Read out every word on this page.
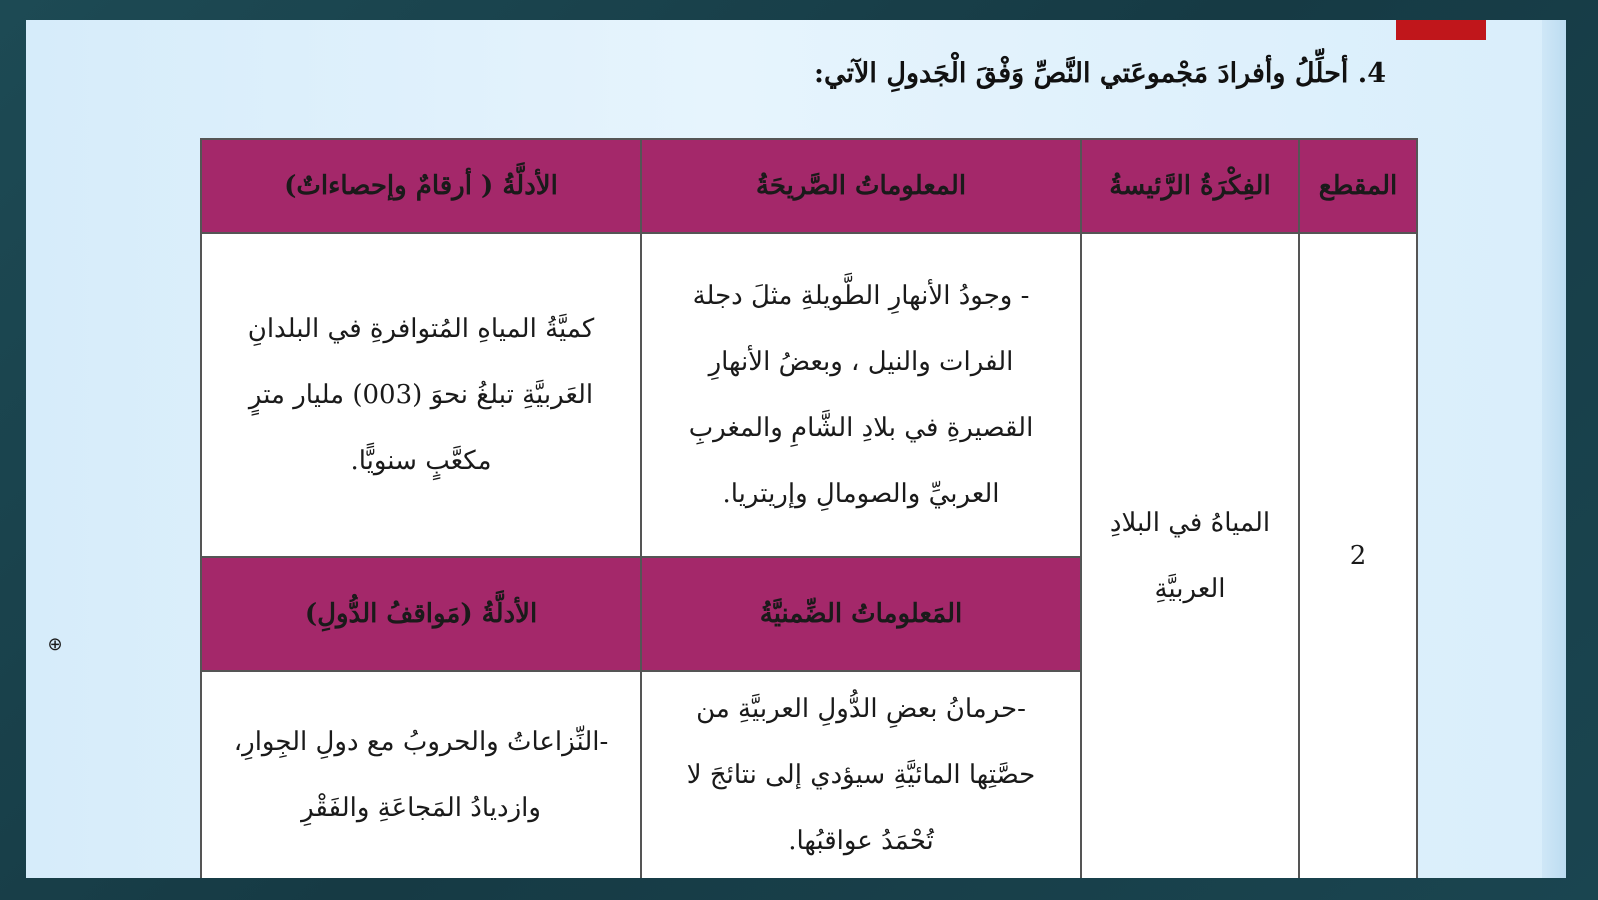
⊕
4. أحلِّلُ وأفرادَ مَجْموعَتي النَّصِّ وَفْقَ الْجَدولِ الآتي:
المقطع	الفِكْرَةُ الرَّئيسةُ	المعلوماتُ الصَّريحَةُ	الأدلَّةُ ( أرقامٌ وإحصاءاتٌ)
2	المياهُ في البلادِ العربيَّةِ	- وجودُ الأنهارِ الطَّويلةِ مثلَ دجلة الفرات والنيل ، وبعضُ الأنهارِ القصيرةِ في بلادِ الشَّامِ والمغربِ العربيِّ والصومالِ وإريتريا.	كميَّةُ المياهِ المُتوافرةِ في البلدانِ العَربيَّةِ تبلغُ نحوَ (003) مليار مترٍ مكعَّبٍ سنويًّا.
		المَعلوماتُ الضِّمنيَّةُ	الأدلَّةُ (مَواقفُ الدُّولِ)
		-حرمانُ بعضِ الدُّولِ العربيَّةِ من حصَّتِها المائيَّةِ سيؤدي إلى نتائجَ لا تُحْمَدُ عواقبُها.	-النِّزاعاتُ والحروبُ مع دولِ الجِوارِ، وازديادُ المَجاعَةِ والفَقْرِ
